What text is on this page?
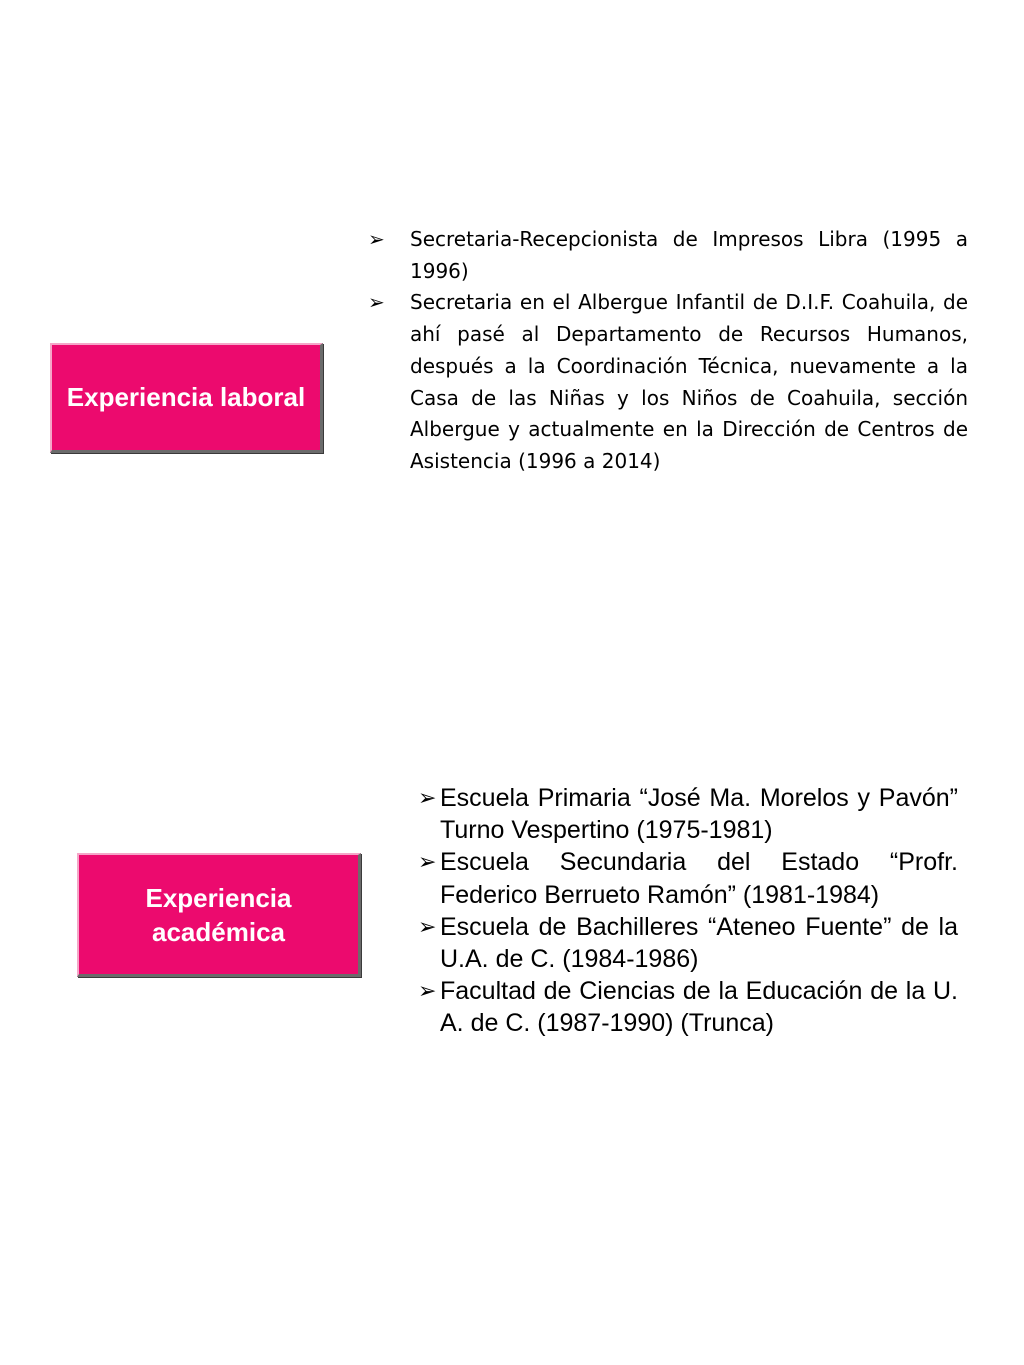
Experiencia laboral
➢	Secretaria-Recepcionista de Impresos Libra (1995 a 1996)
➢	Secretaria en el Albergue Infantil de D.I.F. Coahuila, de ahí pasé al Departamento de Recursos Humanos, después a la Coordinación Técnica, nuevamente a la Casa de las Niñas y los Niños de Coahuila, sección Albergue y actualmente en la Dirección de Centros de Asistencia (1996 a 2014)
Experiencia académica
➢ Escuela Primaria “José Ma. Morelos y Pavón” Turno Vespertino (1975-1981)
➢ Escuela Secundaria del Estado “Profr. Federico Berrueto Ramón” (1981-1984)
➢ Escuela de Bachilleres “Ateneo Fuente” de la U.A. de C. (1984-1986)
➢ Facultad de Ciencias de la Educación de la U. A. de C. (1987-1990) (Trunca)
